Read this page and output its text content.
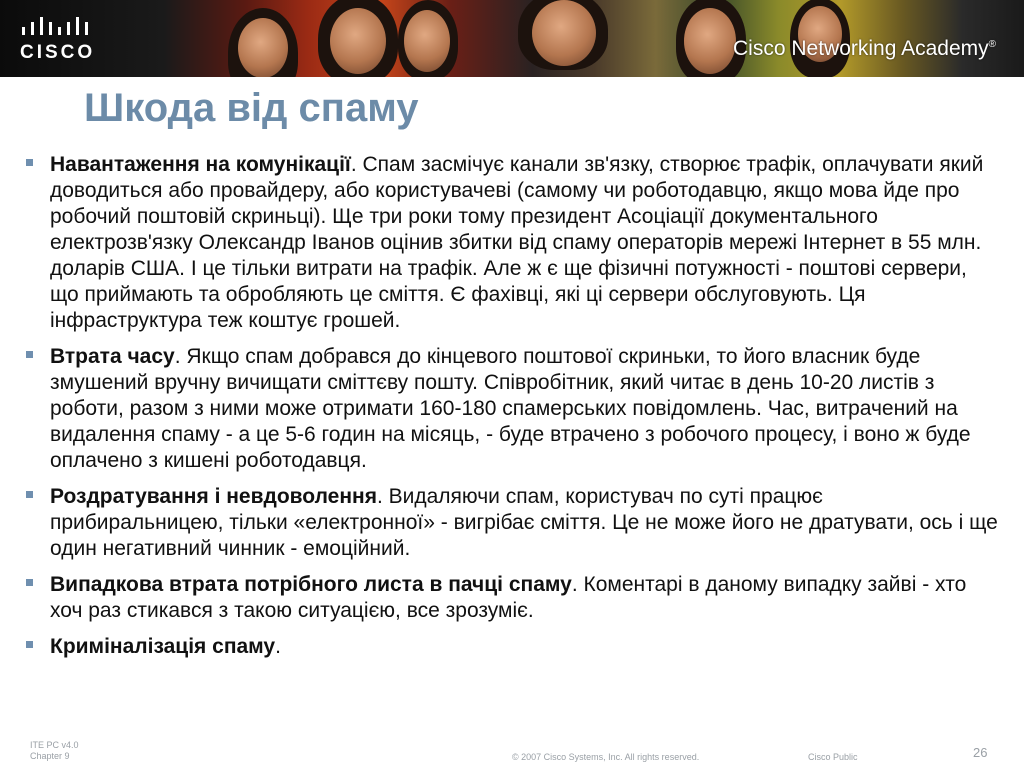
CISCO	Cisco Networking Academy®
Шкода від спаму
Навантаження на комунікації. Спам засмічує канали зв'язку, створює трафік, оплачувати який доводиться або провайдеру, або користувачеві (самому чи роботодавцю, якщо мова йде про робочий поштовій скриньці). Ще три роки тому президент Асоціації документального електрозв'язку Олександр Іванов оцінив збитки від спаму операторів мережі Інтернет в 55 млн. доларів США. І це тільки витрати на трафік. Але ж є ще фізичні потужності - поштові сервери, що приймають та обробляють це сміття. Є фахівці, які ці сервери обслуговують. Ця інфраструктура теж коштує грошей.
Втрата часу. Якщо спам добрався до кінцевого поштової скриньки, то його власник буде змушений вручну вичищати сміттєву пошту. Співробітник, який читає в день 10-20 листів з роботи, разом з ними може отримати 160-180 спамерських повідомлень. Час, витрачений на видалення спаму - а це 5-6 годин на місяць, - буде втрачено з робочого процесу, і воно ж буде оплачено з кишені роботодавця.
Роздратування і невдоволення. Видаляючи спам, користувач по суті працює прибиральницею, тільки «електронної» - вигрібає сміття. Це не може його не дратувати, ось і ще один негативний чинник - емоційний.
Випадкова втрата потрібного листа в пачці спаму. Коментарі в даному випадку зайві - хто хоч раз стикався з такою ситуацією, все зрозуміє.
Криміналізація спаму.
ITE PC v4.0
Chapter 9	© 2007 Cisco Systems, Inc. All rights reserved.	Cisco Public	26
